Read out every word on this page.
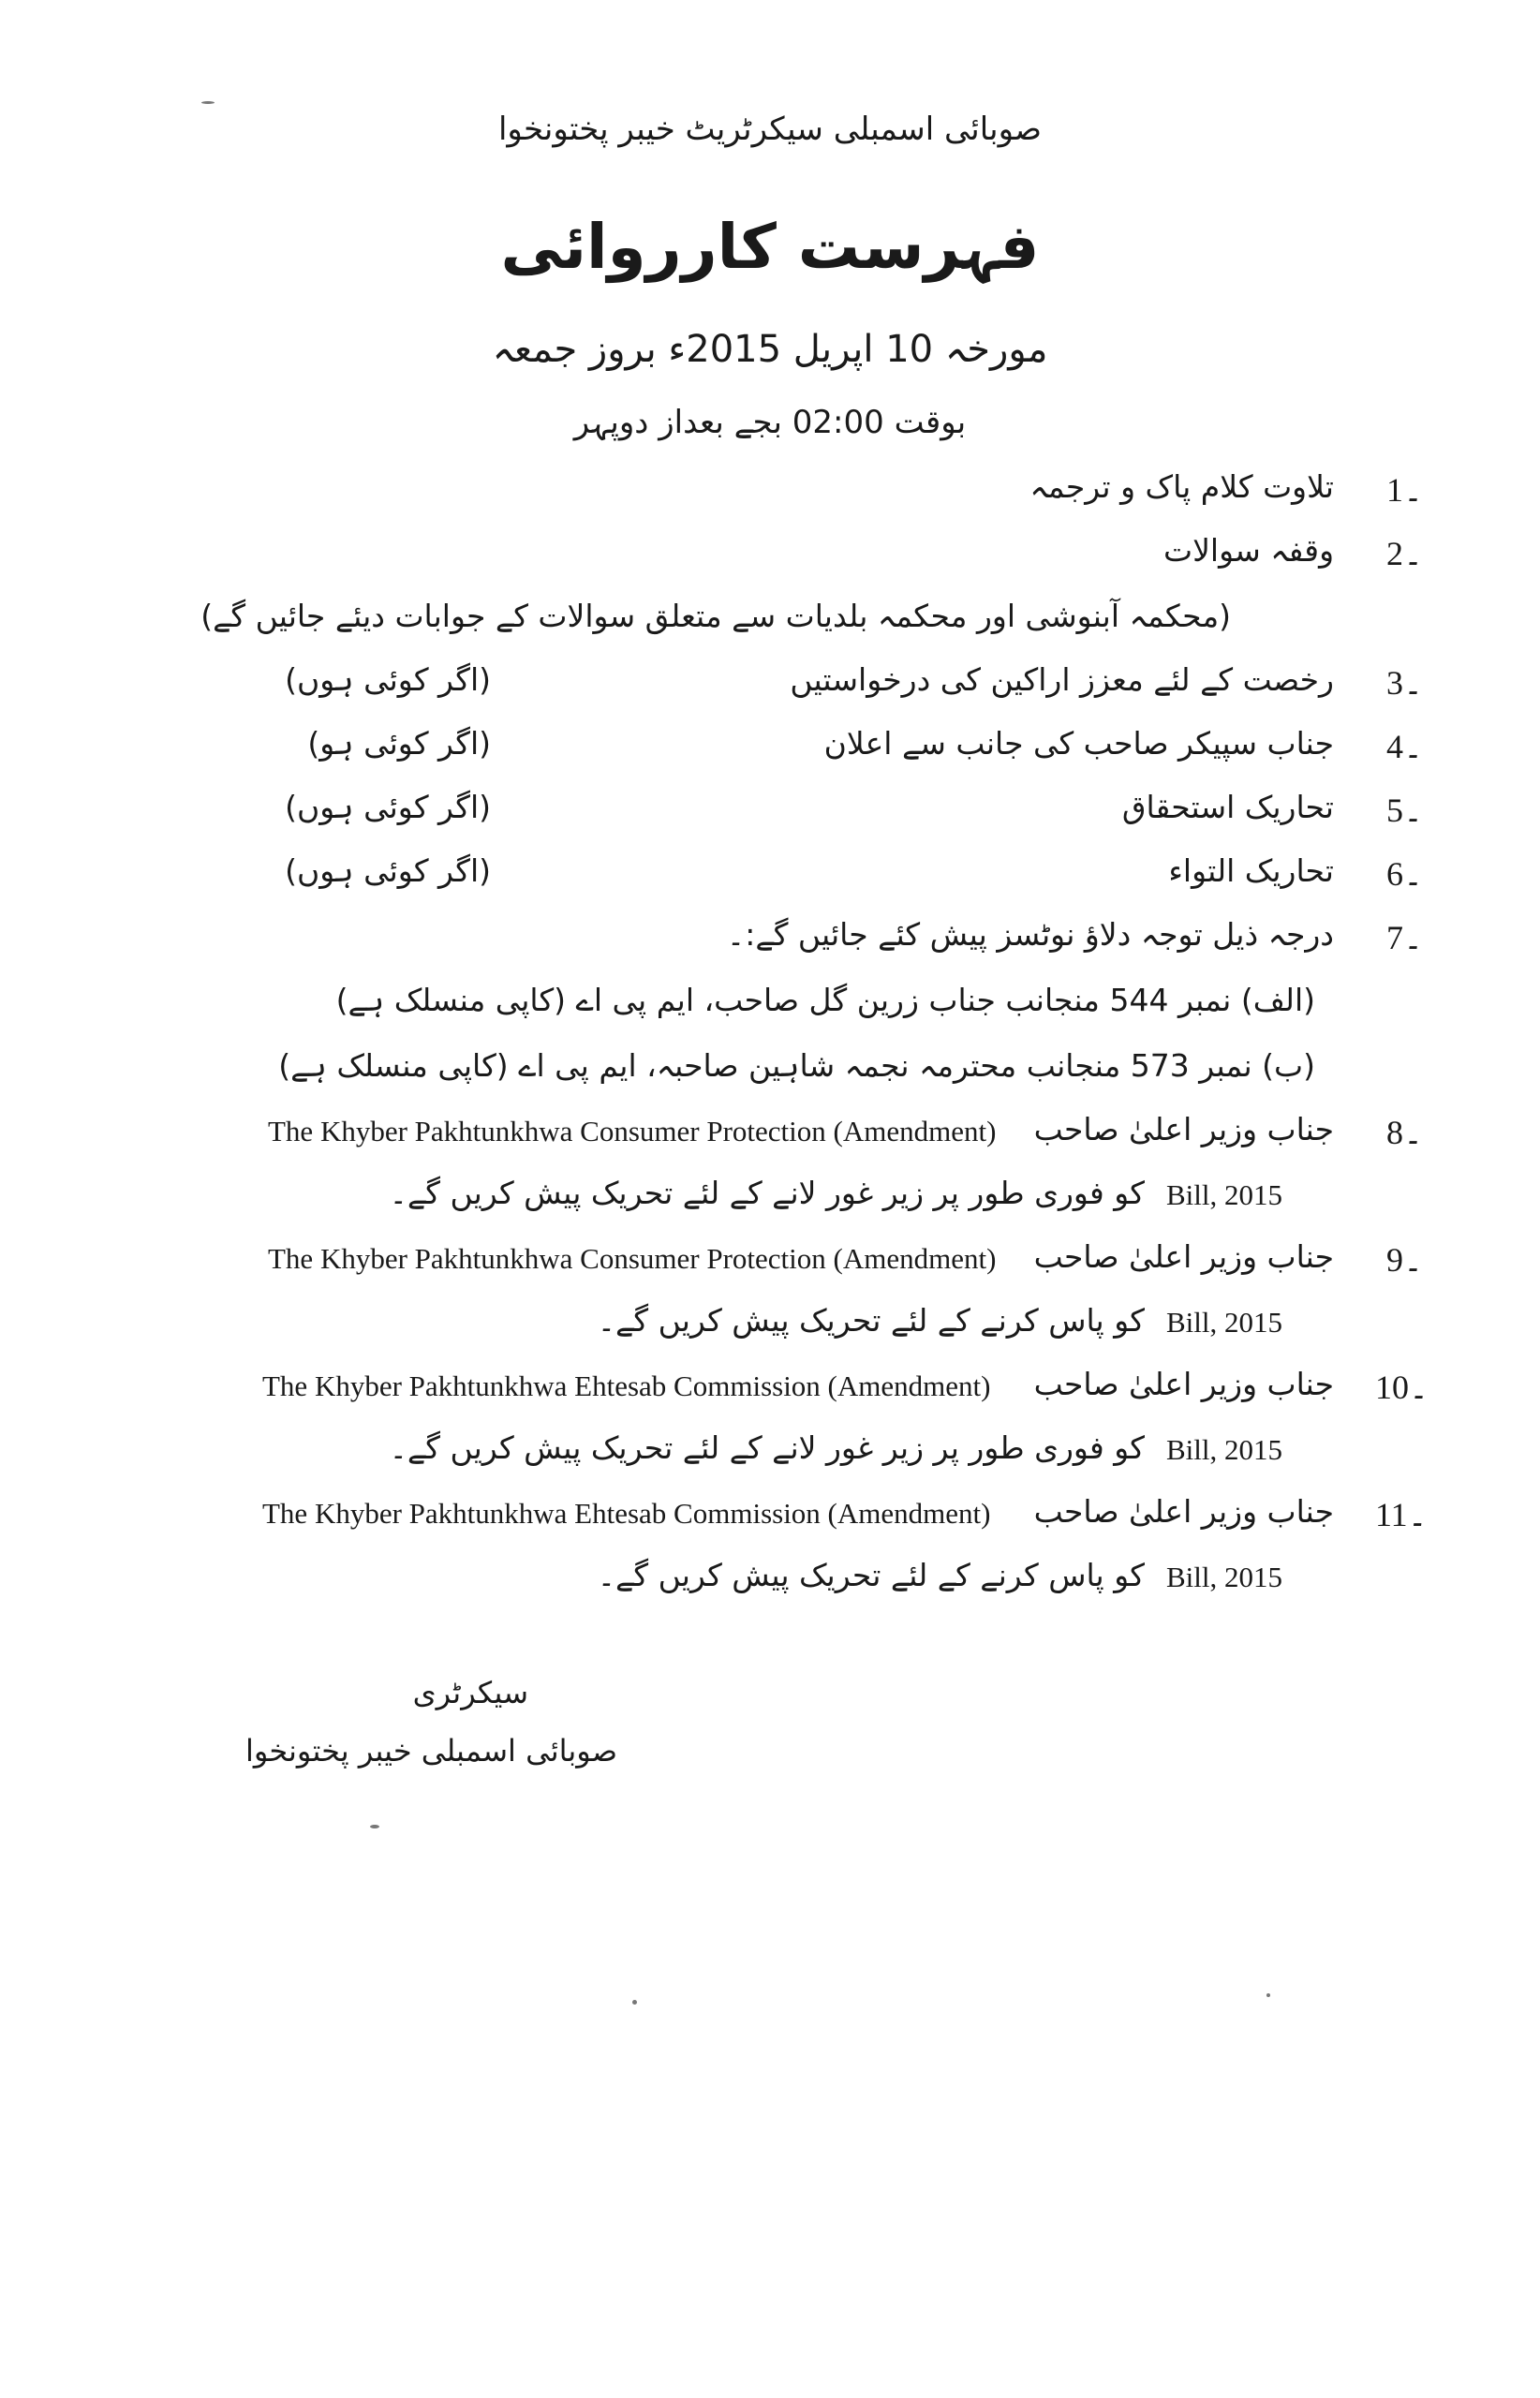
صوبائی اسمبلی سیکرٹریٹ خیبر پختونخوا
فہرست کارروائی
مورخہ 10 اپریل 2015ء بروز جمعہ
بوقت 02:00 بجے بعداز دوپہر
1۔
تلاوت کلام پاک و ترجمہ
2۔
وقفہ سوالات
(محکمہ آبنوشی اور محکمہ بلدیات سے متعلق سوالات کے جوابات دیئے جائیں گے)
3۔
رخصت کے لئے معزز اراکین کی درخواستیں
(اگر کوئی ہوں)
4۔
جناب سپیکر صاحب کی جانب سے اعلان
(اگر کوئی ہو)
5۔
تحاریک استحقاق
(اگر کوئی ہوں)
6۔
تحاریک التواء
(اگر کوئی ہوں)
7۔
درجہ ذیل توجہ دلاؤ نوٹسز پیش کئے جائیں گے:۔
(الف) نمبر 544 منجانب جناب زرین گل صاحب، ایم پی اے (کاپی منسلک ہے)
(ب) نمبر 573 منجانب محترمہ نجمہ شاہین صاحبہ، ایم پی اے (کاپی منسلک ہے)
8۔
جناب وزیر اعلیٰ صاحب
The Khyber Pakhtunkhwa Consumer Protection (Amendment)
Bill, 2015
کو فوری طور پر زیر غور لانے کے لئے تحریک پیش کریں گے۔
9۔
جناب وزیر اعلیٰ صاحب
The Khyber Pakhtunkhwa Consumer Protection (Amendment)
Bill, 2015
کو پاس کرنے کے لئے تحریک پیش کریں گے۔
10۔
جناب وزیر اعلیٰ صاحب
The Khyber Pakhtunkhwa Ehtesab Commission (Amendment)
Bill, 2015
کو فوری طور پر زیر غور لانے کے لئے تحریک پیش کریں گے۔
11۔
جناب وزیر اعلیٰ صاحب
The Khyber Pakhtunkhwa Ehtesab Commission (Amendment)
Bill, 2015
کو پاس کرنے کے لئے تحریک پیش کریں گے۔
سیکرٹری
صوبائی اسمبلی خیبر پختونخوا
